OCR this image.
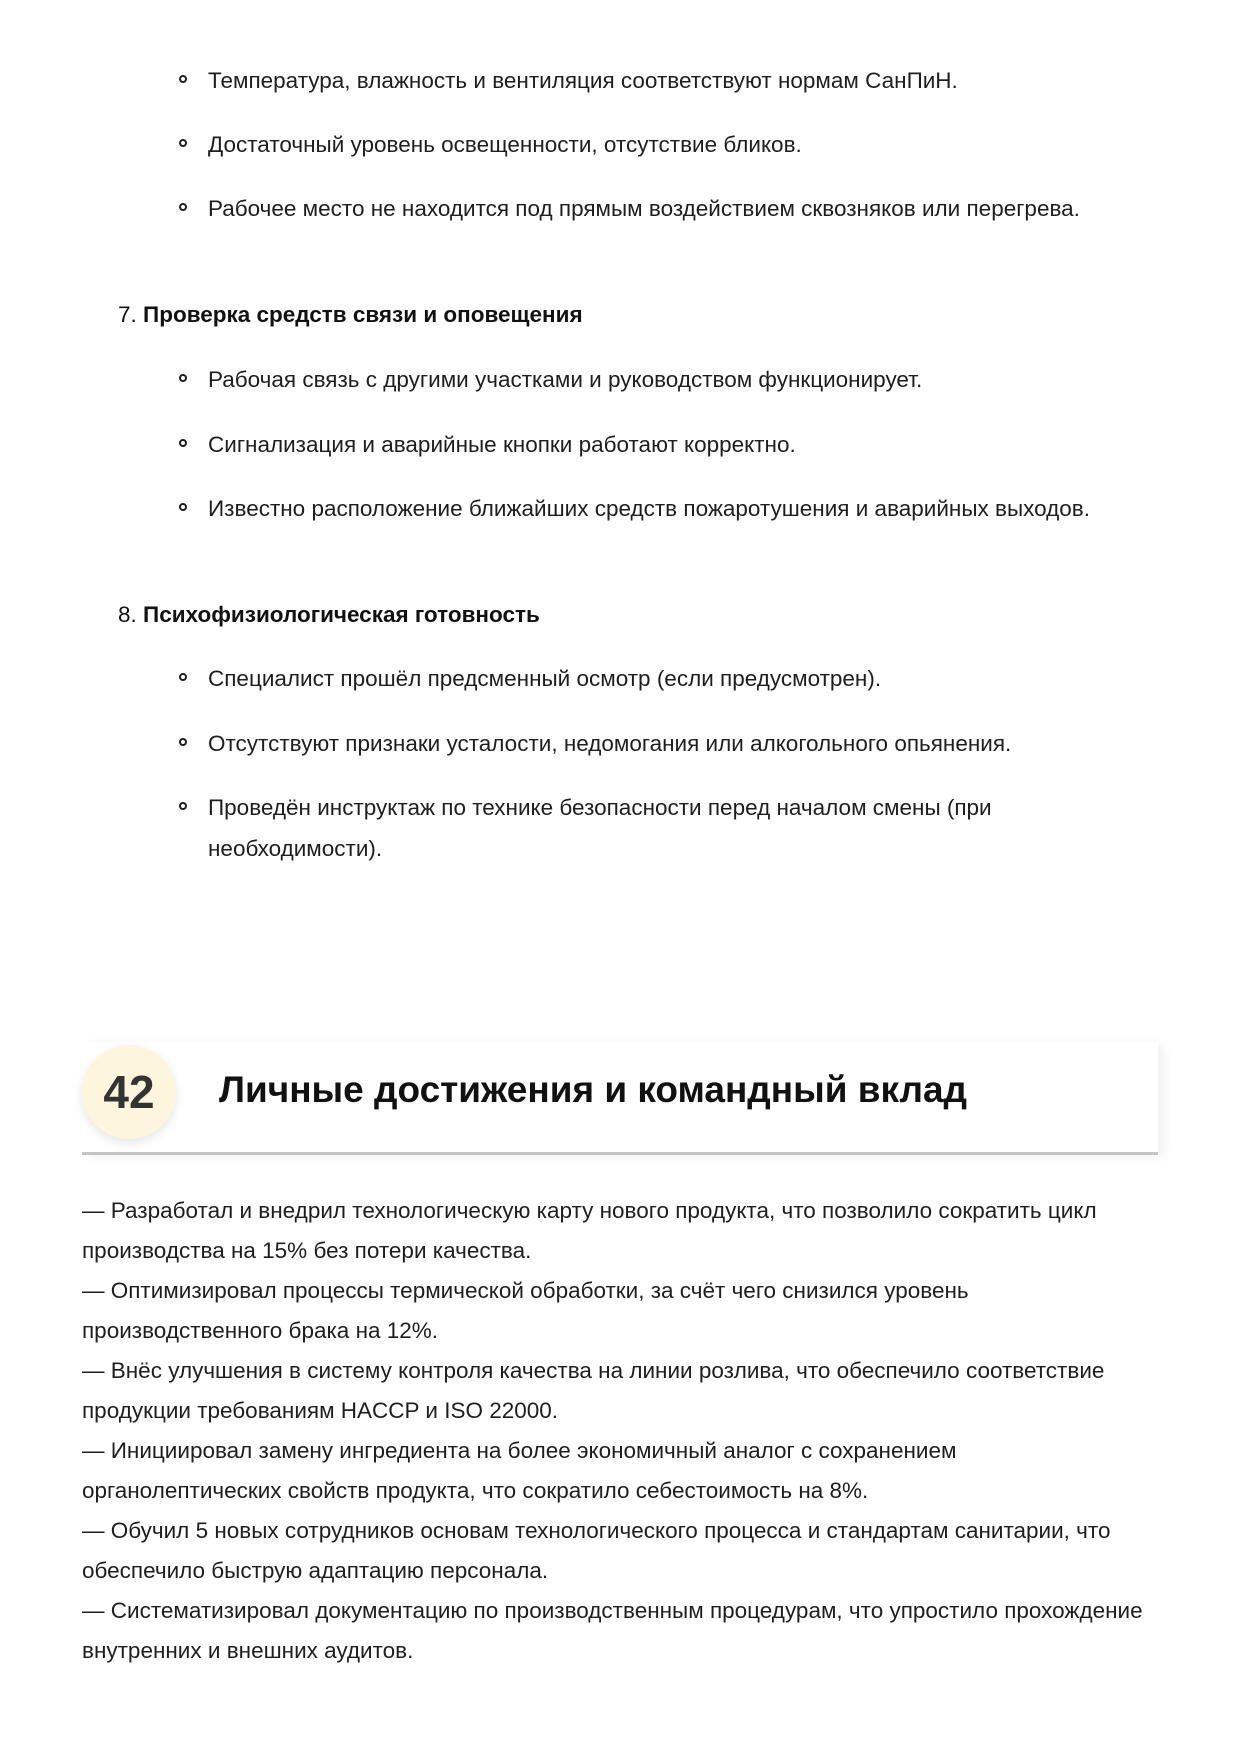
Температура, влажность и вентиляция соответствуют нормам СанПиН.
Достаточный уровень освещенности, отсутствие бликов.
Рабочее место не находится под прямым воздействием сквозняков или перегрева.
7. Проверка средств связи и оповещения
Рабочая связь с другими участками и руководством функционирует.
Сигнализация и аварийные кнопки работают корректно.
Известно расположение ближайших средств пожаротушения и аварийных выходов.
8. Психофизиологическая готовность
Специалист прошёл предсменный осмотр (если предусмотрен).
Отсутствуют признаки усталости, недомогания или алкогольного опьянения.
Проведён инструктаж по технике безопасности перед началом смены (при необходимости).
42	Личные достижения и командный вклад
— Разработал и внедрил технологическую карту нового продукта, что позволило сократить цикл производства на 15% без потери качества.
— Оптимизировал процессы термической обработки, за счёт чего снизился уровень производственного брака на 12%.
— Внёс улучшения в систему контроля качества на линии розлива, что обеспечило соответствие продукции требованиям HACCP и ISO 22000.
— Инициировал замену ингредиента на более экономичный аналог с сохранением органолептических свойств продукта, что сократило себестоимость на 8%.
— Обучил 5 новых сотрудников основам технологического процесса и стандартам санитарии, что обеспечило быструю адаптацию персонала.
— Систематизировал документацию по производственным процедурам, что упростило прохождение внутренних и внешних аудитов.
